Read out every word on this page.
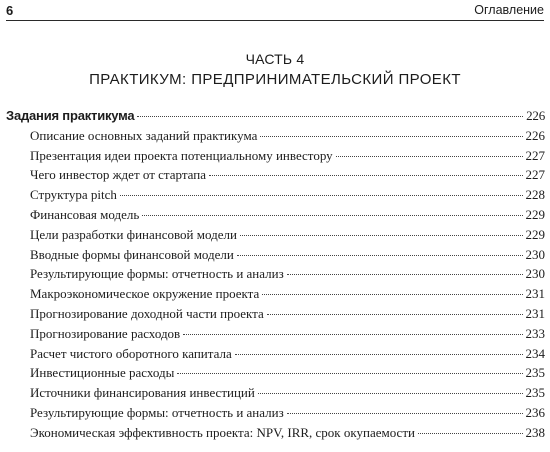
6	Оглавление
ЧАСТЬ 4
ПРАКТИКУМ: ПРЕДПРИНИМАТЕЛЬСКИЙ ПРОЕКТ
Задания практикума	226
Описание основных заданий практикума	226
Презентация идеи проекта потенциальному инвестору	227
Чего инвестор ждет от стартапа	227
Структура pitch	228
Финансовая модель	229
Цели разработки финансовой модели	229
Вводные формы финансовой модели	230
Результирующие формы: отчетность и анализ	230
Макроэкономическое окружение проекта	231
Прогнозирование доходной части проекта	231
Прогнозирование расходов	233
Расчет чистого оборотного капитала	234
Инвестиционные расходы	235
Источники финансирования инвестиций	235
Результирующие формы: отчетность и анализ	236
Экономическая эффективность проекта: NPV, IRR, срок окупаемости	238
